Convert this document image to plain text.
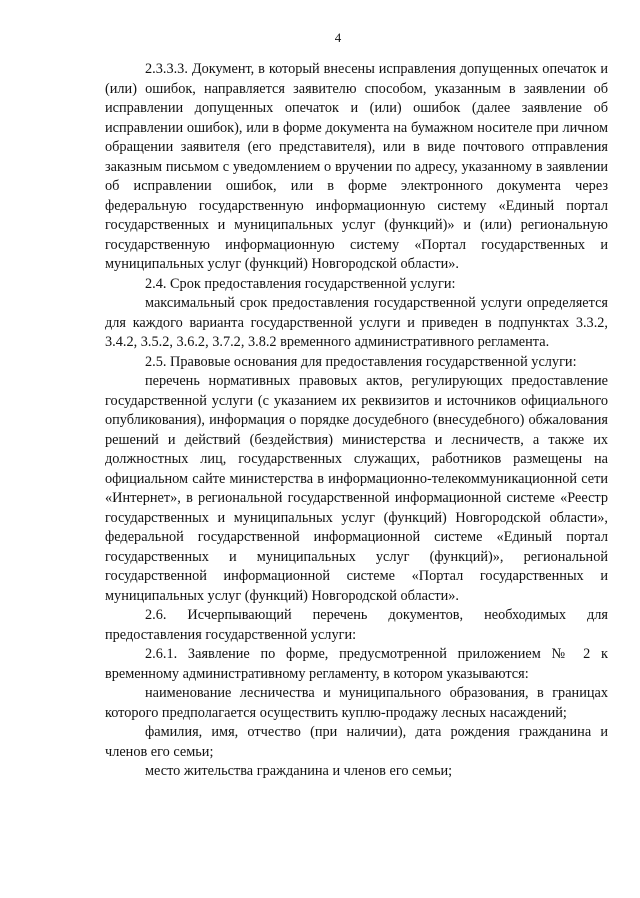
4

2.3.3.3. Документ, в который внесены исправления допущенных опечаток и (или) ошибок, направляется заявителю способом, указанным в заявлении об исправлении допущенных опечаток и (или) ошибок (далее заявление об исправлении ошибок), или в форме документа на бумажном носителе при личном обращении заявителя (его представителя), или в виде почтового отправления заказным письмом с уведомлением о вручении по адресу, указанному в заявлении об исправлении ошибок, или в форме электронного документа через федеральную государственную информационную систему «Единый портал государственных и муниципальных услуг (функций)» и (или) региональную государственную информационную систему «Портал государственных и муниципальных услуг (функций) Новгородской области».

2.4. Срок предоставления государственной услуги:

максимальный срок предоставления государственной услуги определяется для каждого варианта государственной услуги и приведен в подпунктах 3.3.2, 3.4.2, 3.5.2, 3.6.2, 3.7.2, 3.8.2 временного административного регламента.

2.5. Правовые основания для предоставления государственной услуги:

перечень нормативных правовых актов, регулирующих предоставление государственной услуги (с указанием их реквизитов и источников официального опубликования), информация о порядке досудебного (внесудебного) обжалования решений и действий (бездействия) министерства и лесничеств, а также их должностных лиц, государственных служащих, работников размещены на официальном сайте министерства в информационно-телекоммуникационной сети «Интернет», в региональной государственной информационной системе «Реестр государственных и муниципальных услуг (функций) Новгородской области», федеральной государственной информационной системе «Единый портал государственных и муниципальных услуг (функций)», региональной государственной информационной системе «Портал государственных и муниципальных услуг (функций) Новгородской области».

2.6. Исчерпывающий перечень документов, необходимых для предоставления государственной услуги:

2.6.1. Заявление по форме, предусмотренной приложением № 2 к временному административному регламенту, в котором указываются:

наименование лесничества и муниципального образования, в границах которого предполагается осуществить куплю-продажу лесных насаждений;

фамилия, имя, отчество (при наличии), дата рождения гражданина и членов его семьи;

место жительства гражданина и членов его семьи;
